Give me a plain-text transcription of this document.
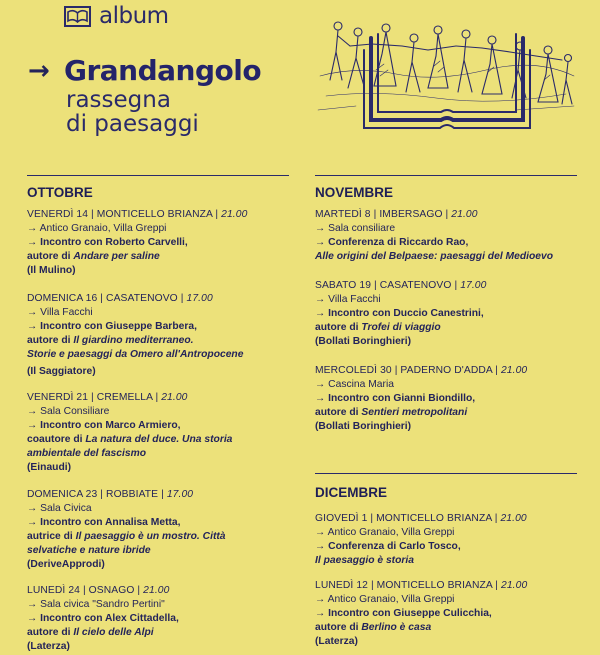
album
→ Grandangolo
rassegna
di paesaggi
OTTOBRE
VENERDÌ 14 | MONTICELLO BRIANZA | 21.00
→ Antico Granaio, Villa Greppi
→ Incontro con Roberto Carvelli,
autore di Andare per saline
(Il Mulino)
DOMENICA 16 | CASATENOVO | 17.00
→ Villa Facchi
→ Incontro con Giuseppe Barbera,
autore di Il giardino mediterraneo.
Storie e paesaggi da Omero all'Antropocene
(Il Saggiatore)
VENERDÌ 21 | CREMELLA | 21.00
→ Sala Consiliare
→ Incontro con Marco Armiero,
coautore di La natura del duce. Una storia
ambientale del fascismo
(Einaudi)
DOMENICA 23 | ROBBIATE | 17.00
→ Sala Civica
→ Incontro con Annalisa Metta,
autrice di Il paesaggio è un mostro. Città
selvatiche e nature ibride
(DeriveApprodi)
LUNEDÌ 24 | OSNAGO | 21.00
→ Sala civica "Sandro Pertini"
→ Incontro con Alex Cittadella,
autore di Il cielo delle Alpi
(Laterza)
NOVEMBRE
MARTEDÌ 8 | IMBERSAGO | 21.00
→ Sala consiliare
→ Conferenza di Riccardo Rao,
Alle origini del Belpaese: paesaggi del Medioevo
SABATO 19 | CASATENOVO | 17.00
→ Villa Facchi
→ Incontro con Duccio Canestrini,
autore di Trofei di viaggio
(Bollati Boringhieri)
MERCOLEDÌ 30 | PADERNO D'ADDA | 21.00
→ Cascina Maria
→ Incontro con Gianni Biondillo,
autore di Sentieri metropolitani
(Bollati Boringhieri)
DICEMBRE
GIOVEDÌ 1 | MONTICELLO BRIANZA | 21.00
→ Antico Granaio, Villa Greppi
→ Conferenza di Carlo Tosco,
Il paesaggio è storia
LUNEDÌ 12 | MONTICELLO BRIANZA | 21.00
→ Antico Granaio, Villa Greppi
→ Incontro con Giuseppe Culicchia,
autore di Berlino è casa
(Laterza)
